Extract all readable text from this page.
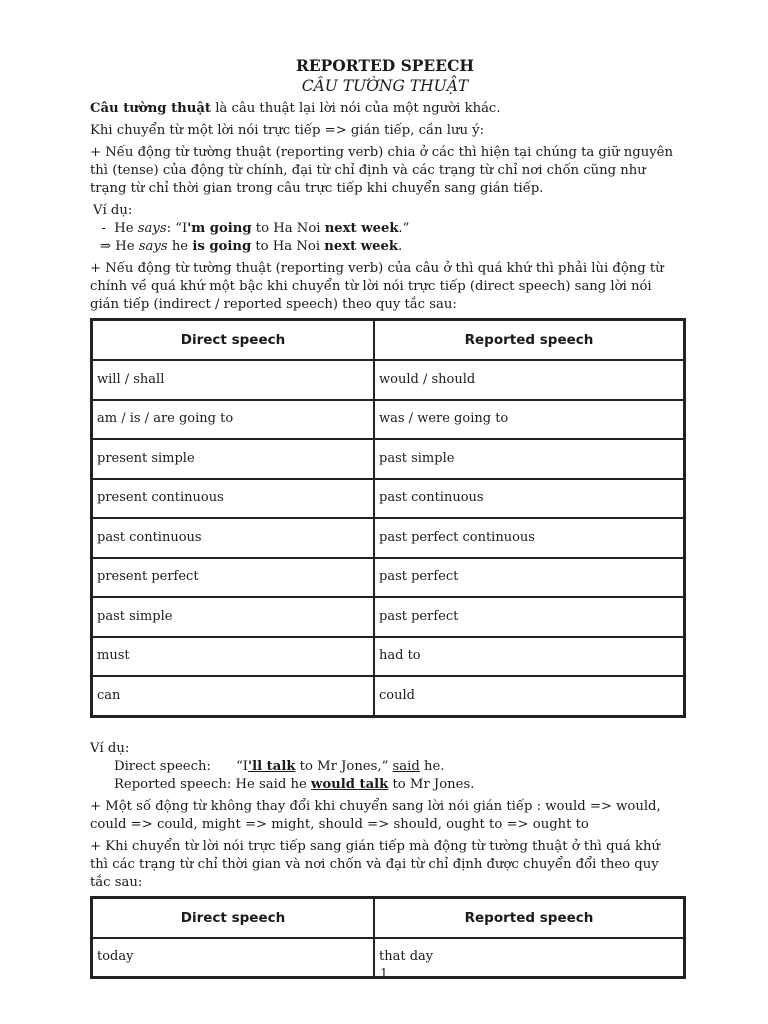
REPORTED SPEECH

CÂU TƯỜNG THUẬT

Câu tường thuật là câu thuật lại lời nói của một người khác.

Khi chuyển từ một lời nói trực tiếp => gián tiếp, cần lưu ý:

+ Nếu động từ tường thuật (reporting verb) chia ở các thì hiện tại chúng ta giữ nguyên thì (tense) của động từ chính, đại từ chỉ định và các trạng từ chỉ nơi chốn cũng như trạng từ chỉ thời gian trong câu trực tiếp khi chuyển sang gián tiếp.

Ví dụ:

-  He says: “I'm going to Ha Noi next week.”

⇒ He says he is going to Ha Noi next week.

+ Nếu động từ tường thuật (reporting verb) của câu ở thì quá khứ thì phải lùi động từ chính về quá khứ một bậc khi chuyển từ lời nói trực tiếp (direct speech) sang lời nói gián tiếp (indirect / reported speech) theo quy tắc sau:

Direct speech	Reported speech
will / shall	would / should
am / is / are going to	was / were going to
present simple	past simple
present continuous	past continuous
past continuous	past perfect continuous
present perfect	past perfect
past simple	past perfect
must	had to
can	could

Ví dụ:

Direct speech:      “I'll talk to Mr Jones,” said he.

Reported speech: He said he would talk to Mr Jones.

+ Một số động từ không thay đổi khi chuyển sang lời nói gián tiếp : would => would, could => could, might => might, should => should, ought to => ought to

+ Khi chuyển từ lời nói trực tiếp sang gián tiếp mà động từ tường thuật ở thì quá khứ thì các trạng từ chỉ thời gian và nơi chốn và đại từ chỉ định được chuyển đổi theo quy tắc sau:

Direct speech	Reported speech
today	that day
1
